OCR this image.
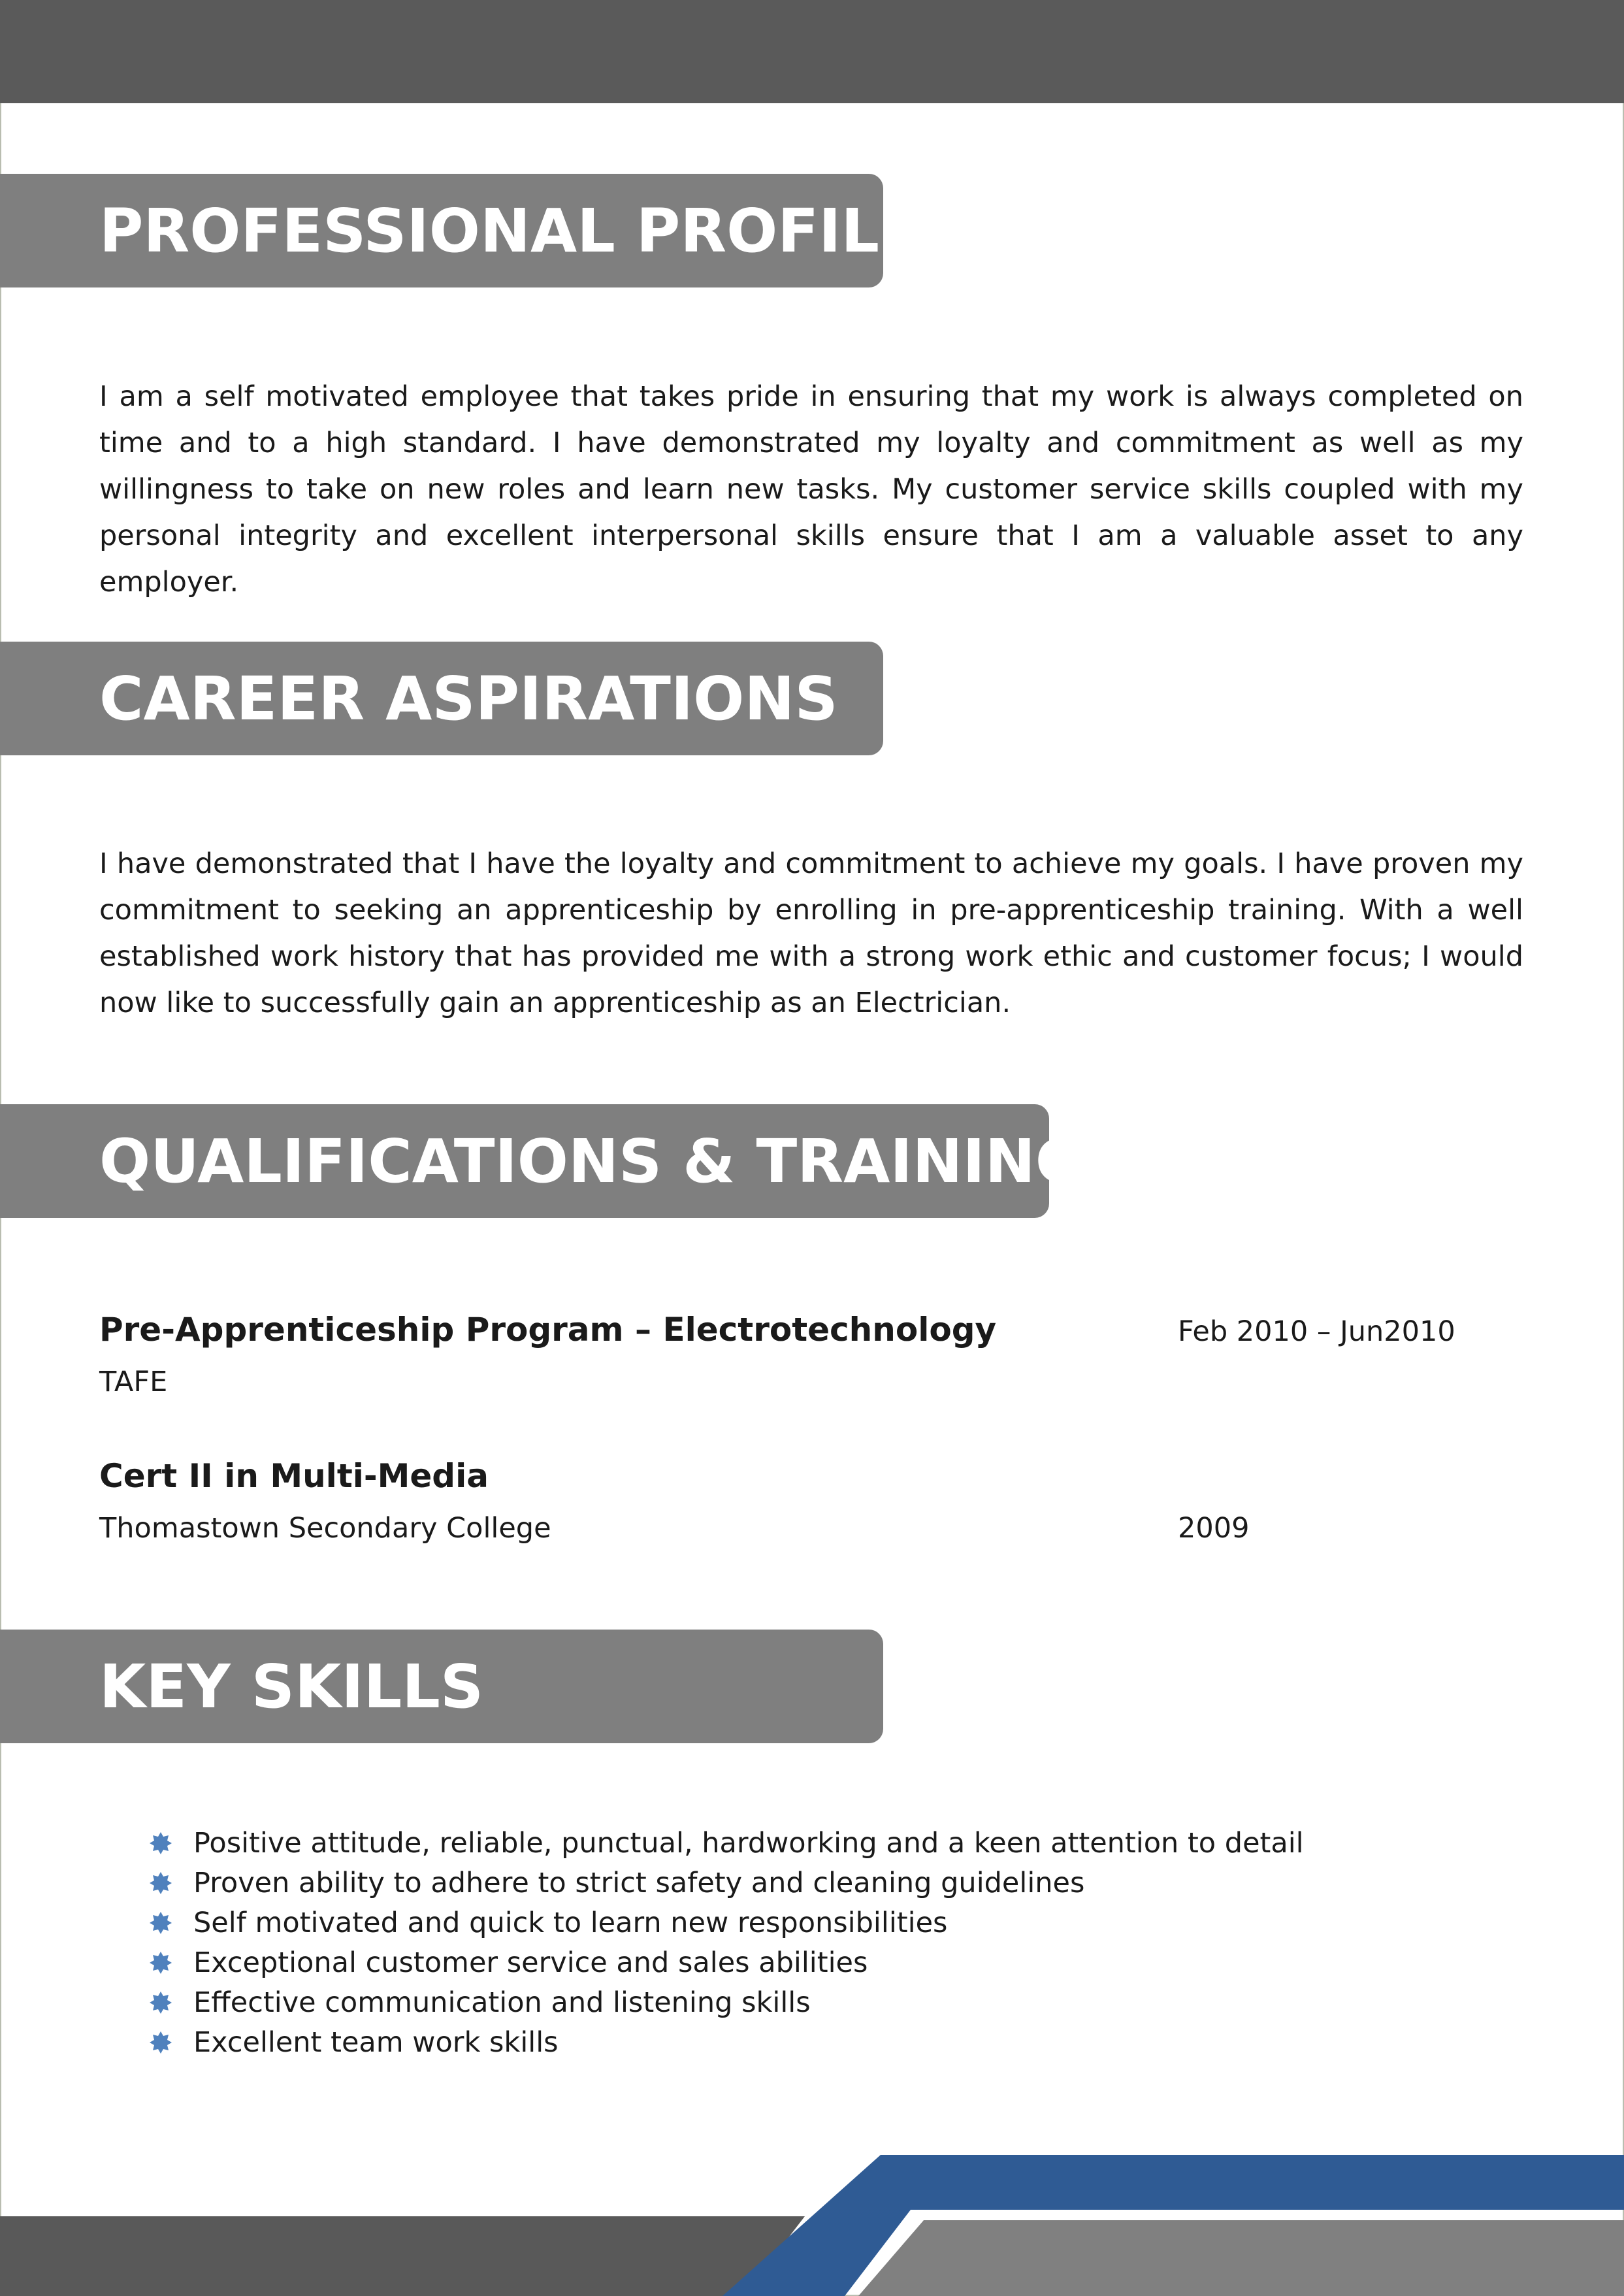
PROFESSIONAL PROFILE

I am a self motivated employee that takes pride in ensuring that my work is always completed on time and to a high standard. I have demonstrated my loyalty and commitment as well as my willingness to take on new roles and learn new tasks. My customer service skills coupled with my personal integrity and excellent interpersonal skills ensure that I am a valuable asset to any employer.

CAREER ASPIRATIONS

I have demonstrated that I have the loyalty and commitment to achieve my goals. I have proven my commitment to seeking an apprenticeship by enrolling in pre-apprenticeship training. With a well established work history that has provided me with a strong work ethic and customer focus; I would now like to successfully gain an apprenticeship as an Electrician.

QUALIFICATIONS & TRAINING
Pre-Apprenticeship Program – Electrotechnology	Feb 2010 – Jun2010
TAFE
Cert II in Multi-Media
Thomastown Secondary College	2009
KEY SKILLS
Positive attitude, reliable, punctual, hardworking and a keen attention to detail
Proven ability to adhere to strict safety and cleaning guidelines
Self motivated and quick to learn new responsibilities
Exceptional customer service and sales abilities
Effective communication and listening skills
Excellent team work skills
